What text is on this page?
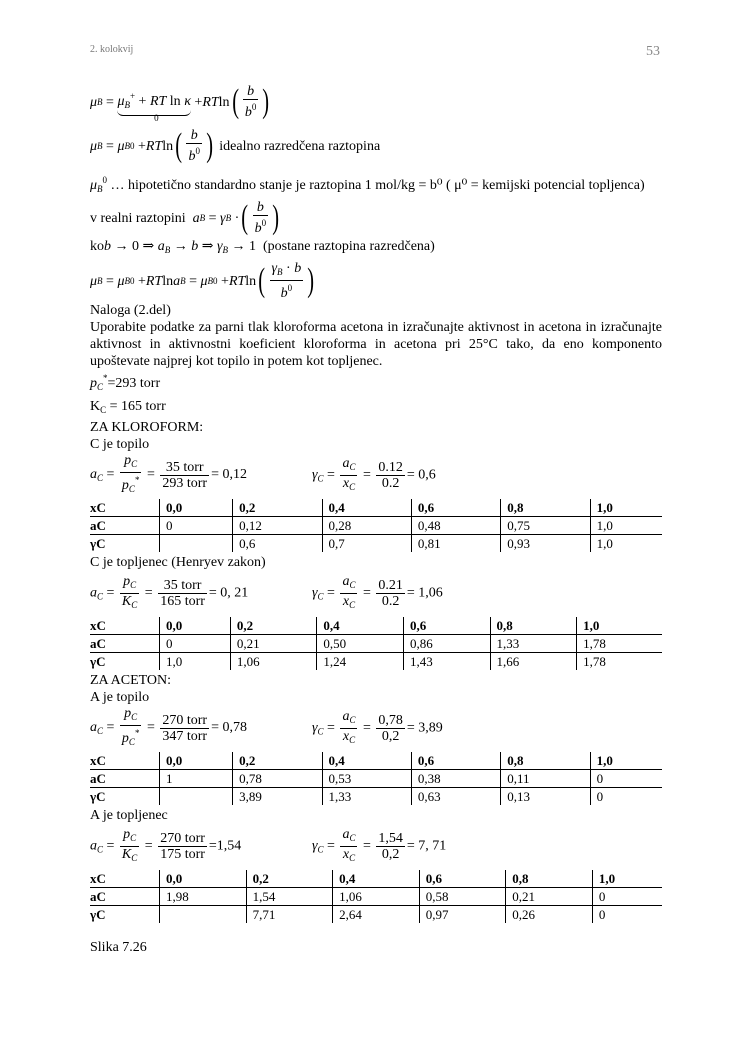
2. kolokvij	53
μ $B = \mu_B^+$ + RT ln κ
0
+ RT ln ( $\frac{b}{b^0}$ )
μ B = μ B 0 + RT ln ( $\frac{b}{b^0}$ ) idealno razredčena raztopina
$\mu_B^0$ … hipotetično standardno stanje je raztopina 1 mol/kg = b⁰ ( μ⁰ = kemijski potencial topljenca)
v realni raztopini
a B = γ B · ( $\frac{b}{b^0}$ )
kob → 0 ⇒ $a_B \to b$ ⇒ $\gamma_B \to 1$  (postane raztopina razredčena)
μ B = μ B 0 + RT ln a B = μ B 0 + RT ln ( $\frac{\gamma_B \cdot b}{b^0}$ )
Naloga (2.del)
Uporabite podatke za parni tlak kloroforma acetona in izračunajte aktivnost in acetona in izračunajte aktivnost in aktivnostni koeficient kloroforma in acetona pri 25°C tako, da eno komponento upoštevate najprej kot topilo in potem kot topljenec.
$p_C^*=293$ torr
$K_C = 165$ torr
ZA KLOROFORM:
C je topilo
$a_C = \frac{p_C}{p_C^*} = \frac{\text{35 torr}}{\text{293 torr}} = 0,12$	$\gamma_C = \frac{a_C}{x_C} = \frac{0.12}{0.2} = 0,6$
xC	0,0	0,2	0,4	0,6	0,8	1,0
aC	0	0,12	0,28	0,48	0,75	1,0
γC		0,6	0,7	0,81	0,93	1,0
C je topljenec (Henryev zakon)
$a_C = \frac{p_C}{K_C} = \frac{\text{35 torr}}{\text{165 torr}} = 0$, 21	$\gamma_C = \frac{a_C}{x_C} = \frac{0.21}{0.2} = 1,06$
xC	0,0	0,2	0,4	0,6	0,8	1,0
aC	0	0,21	0,50	0,86	1,33	1,78
γC	1,0	1,06	1,24	1,43	1,66	1,78
ZA ACETON:
A je topilo
$a_C = \frac{p_C}{p_C^*} = \frac{\text{270 torr}}{\text{347 torr}} = 0,78$	$\gamma_C = \frac{a_C}{x_C} = \frac{0,78}{0,2} = 3,89$
xC	0,0	0,2	0,4	0,6	0,8	1,0
aC	1	0,78	0,53	0,38	0,11	0
γC		3,89	1,33	0,63	0,13	0
A je topljenec
$a_C = \frac{p_C}{K_C} = \frac{\text{270 torr}}{\text{175 torr}} =1,54$	$\gamma_C = \frac{a_C}{x_C} = \frac{1,54}{0,2} = 7$, 71
xC	0,0	0,2	0,4	0,6	0,8	1,0
aC	1,98	1,54	1,06	0,58	0,21	0
γC		7,71	2,64	0,97	0,26	0
Slika 7.26
